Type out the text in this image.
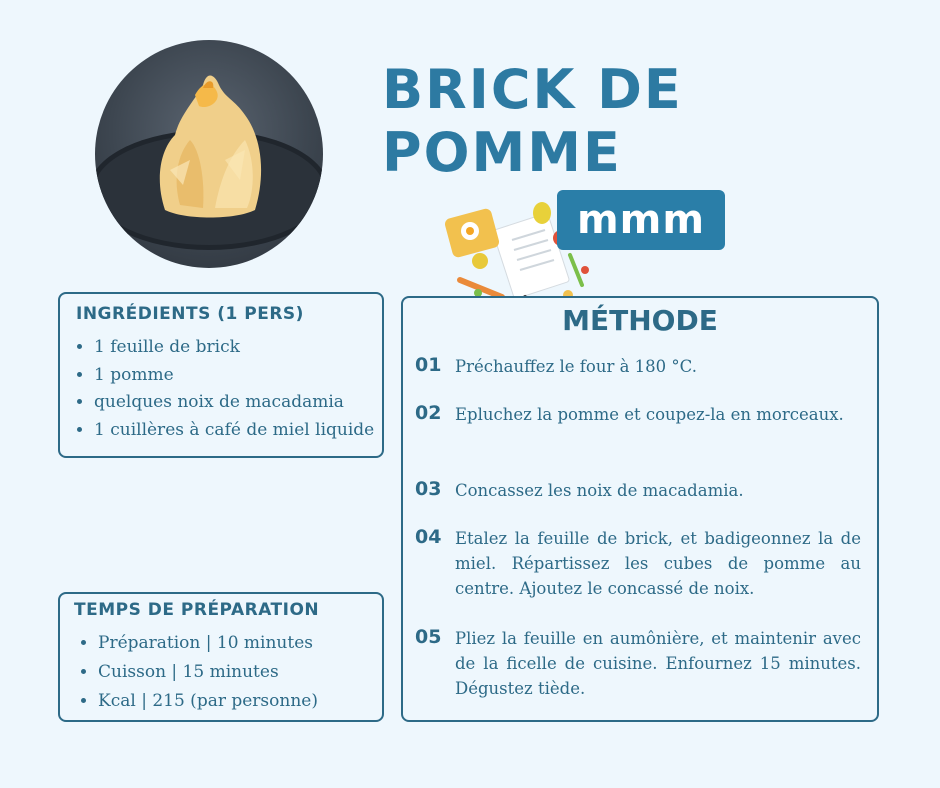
BRICK DE POMME
mmm
INGRÉDIENTS (1 PERS)
• 1 feuille de brick
• 1 pomme
• quelques noix de macadamia
• 1 cuillères à café de miel liquide
TEMPS DE PRÉPARATION
• Préparation | 10 minutes
• Cuisson | 15 minutes
• Kcal | 215 (par personne)
MÉTHODE
01 Préchauffez le four à 180 °C.
02 Epluchez la pomme et coupez-la en morceaux.
03 Concassez les noix de macadamia.
04 Etalez la feuille de brick, et badigeonnez la de miel. Répartissez les cubes de pomme au centre. Ajoutez le concassé de noix.
05 Pliez la feuille en aumônière, et maintenir avec de la ficelle de cuisine. Enfournez 15 minutes. Dégustez tiède.
